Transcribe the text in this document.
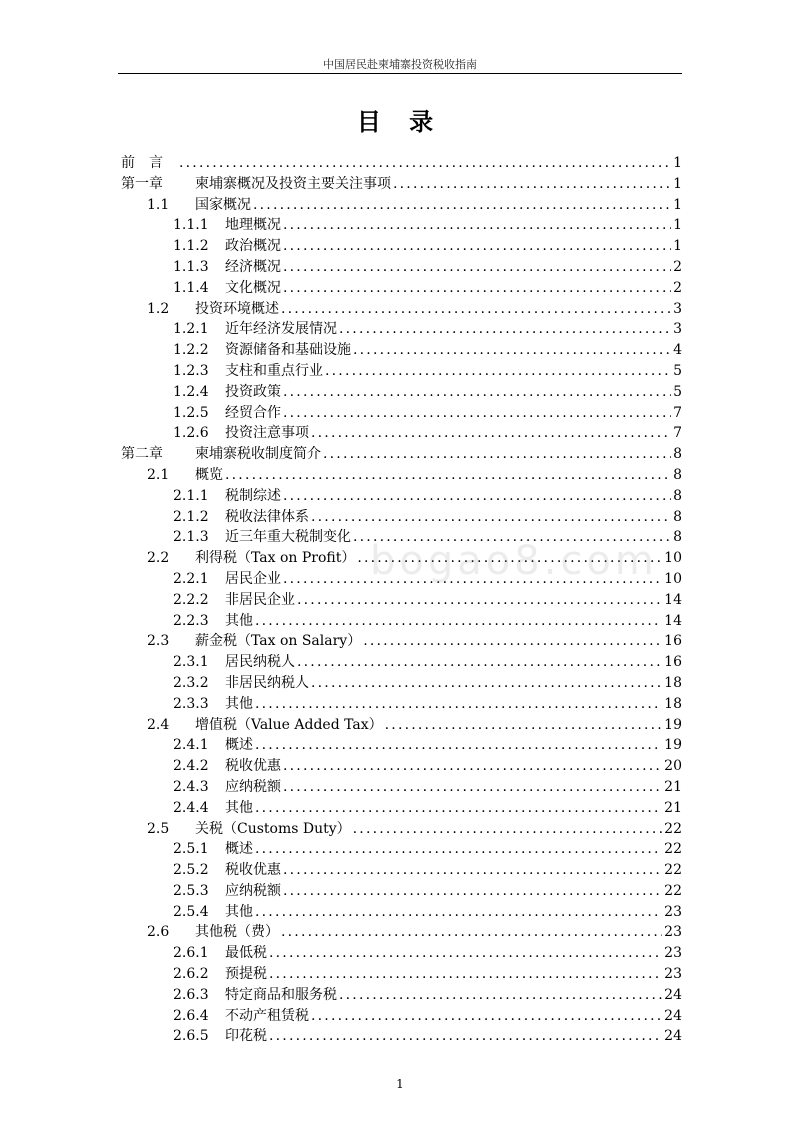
中国居民赴柬埔寨投资税收指南
目 录
前　言 .....	1
第一章	柬埔寨概况及投资主要关注事项 .....	1
1.1	国家概况 .....	1
1.1.1	地理概况 .....	1
1.1.2	政治概况 .....	1
1.1.3	经济概况 .....	2
1.1.4	文化概况 .....	2
1.2	投资环境概述 .....	3
1.2.1	近年经济发展情况 .....	3
1.2.2	资源储备和基础设施 .....	4
1.2.3	支柱和重点行业 .....	5
1.2.4	投资政策 .....	5
1.2.5	经贸合作 .....	7
1.2.6	投资注意事项 .....	7
第二章	柬埔寨税收制度简介 .....	8
2.1	概览 .....	8
2.1.1	税制综述 .....	8
2.1.2	税收法律体系 .....	8
2.1.3	近三年重大税制变化 .....	8
2.2	利得税（Tax on Profit） .....	10
2.2.1	居民企业 .....	10
2.2.2	非居民企业 .....	14
2.2.3	其他 .....	14
2.3	薪金税（Tax on Salary） .....	16
2.3.1	居民纳税人 .....	16
2.3.2	非居民纳税人 .....	18
2.3.3	其他 .....	18
2.4	增值税（Value Added Tax） .....	19
2.4.1	概述 .....	19
2.4.2	税收优惠 .....	20
2.4.3	应纳税额 .....	21
2.4.4	其他 .....	21
2.5	关税（Customs Duty） .....	22
2.5.1	概述 .....	22
2.5.2	税收优惠 .....	22
2.5.3	应纳税额 .....	22
2.5.4	其他 .....	23
2.6	其他税（费） .....	23
2.6.1	最低税 .....	23
2.6.2	预提税 .....	23
2.6.3	特定商品和服务税 .....	24
2.6.4	不动产租赁税 .....	24
2.6.5	印花税 .....	24
bogao8.com
1
